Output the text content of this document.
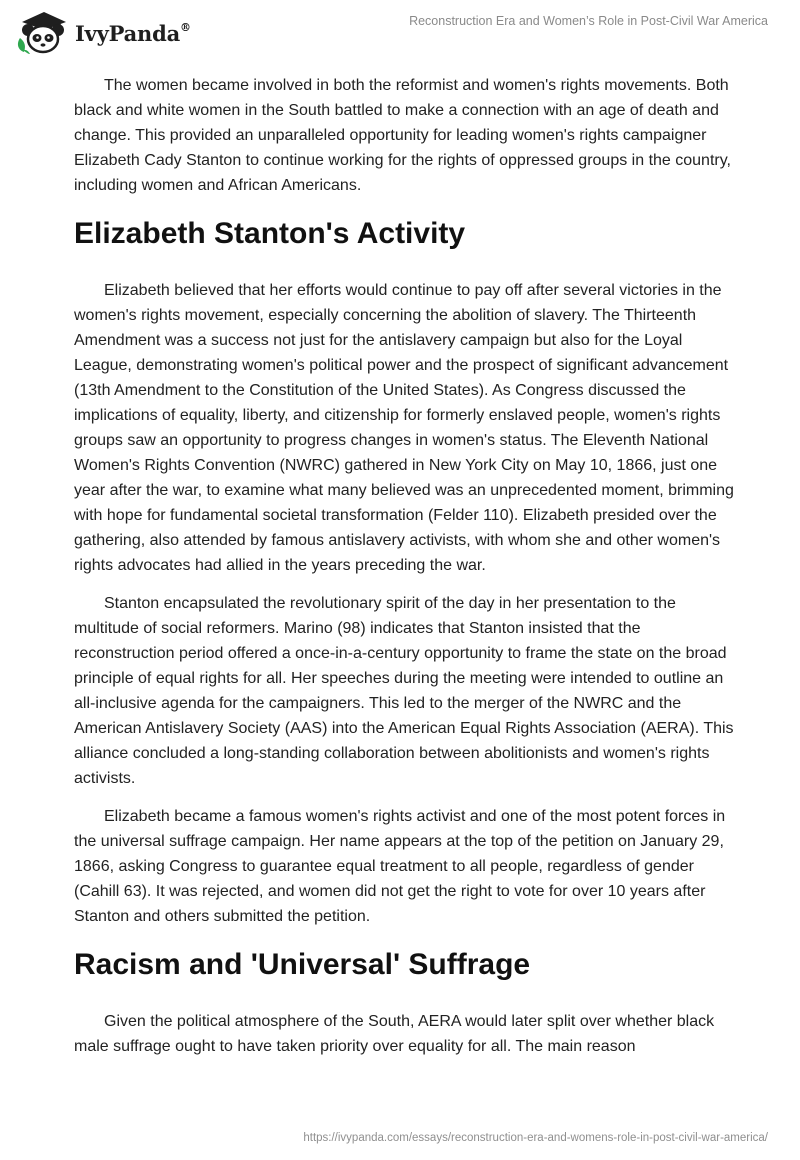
IvyPanda®	Reconstruction Era and Women’s Role in Post-Civil War America

The women became involved in both the reformist and women's rights movements. Both black and white women in the South battled to make a connection with an age of death and change. This provided an unparalleled opportunity for leading women's rights campaigner Elizabeth Cady Stanton to continue working for the rights of oppressed groups in the country, including women and African Americans.

Elizabeth Stanton's Activity

Elizabeth believed that her efforts would continue to pay off after several victories in the women's rights movement, especially concerning the abolition of slavery. The Thirteenth Amendment was a success not just for the antislavery campaign but also for the Loyal League, demonstrating women's political power and the prospect of significant advancement (13th Amendment to the Constitution of the United States). As Congress discussed the implications of equality, liberty, and citizenship for formerly enslaved people, women's rights groups saw an opportunity to progress changes in women's status. The Eleventh National Women's Rights Convention (NWRC) gathered in New York City on May 10, 1866, just one year after the war, to examine what many believed was an unprecedented moment, brimming with hope for fundamental societal transformation (Felder 110). Elizabeth presided over the gathering, also attended by famous antislavery activists, with whom she and other women's rights advocates had allied in the years preceding the war.

Stanton encapsulated the revolutionary spirit of the day in her presentation to the multitude of social reformers. Marino (98) indicates that Stanton insisted that the reconstruction period offered a once-in-a-century opportunity to frame the state on the broad principle of equal rights for all. Her speeches during the meeting were intended to outline an all-inclusive agenda for the campaigners. This led to the merger of the NWRC and the American Antislavery Society (AAS) into the American Equal Rights Association (AERA). This alliance concluded a long-standing collaboration between abolitionists and women's rights activists.

Elizabeth became a famous women's rights activist and one of the most potent forces in the universal suffrage campaign. Her name appears at the top of the petition on January 29, 1866, asking Congress to guarantee equal treatment to all people, regardless of gender (Cahill 63). It was rejected, and women did not get the right to vote for over 10 years after Stanton and others submitted the petition.

Racism and 'Universal' Suffrage

Given the political atmosphere of the South, AERA would later split over whether black male suffrage ought to have taken priority over equality for all. The main reason

https://ivypanda.com/essays/reconstruction-era-and-womens-role-in-post-civil-war-america/
